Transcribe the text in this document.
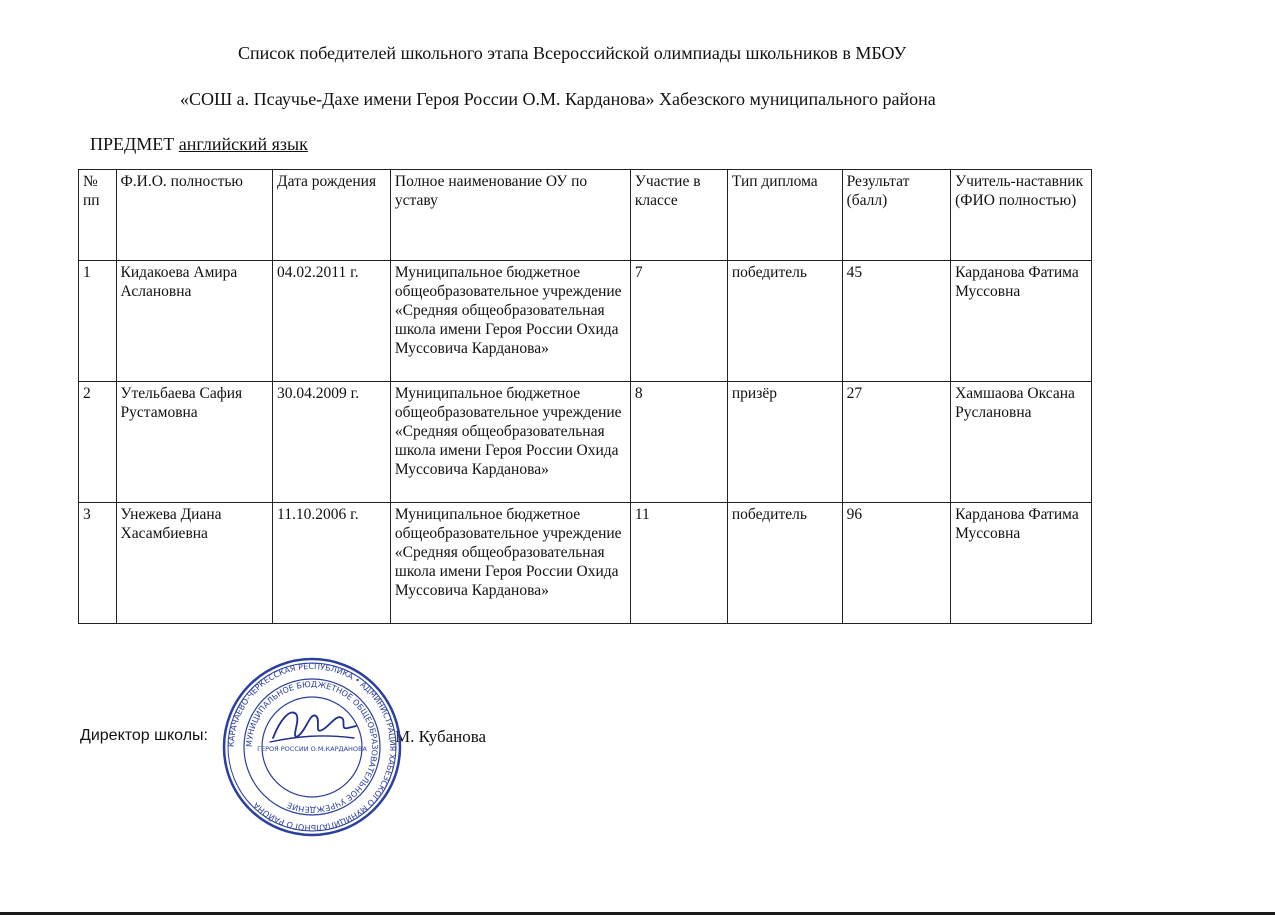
Список победителей школьного этапа Всероссийской олимпиады школьников в МБОУ
«СОШ а. Псаучье-Дахе имени Героя России О.М. Карданова» Хабезского муниципального района
ПРЕДМЕТ английский язык
№ пп	Ф.И.О. полностью	Дата рождения	Полное наименование ОУ по уставу	Участие в классе	Тип диплома	Результат (балл)	Учитель-наставник (ФИО полностью)
1	Кидакоева Амира Аслановна	04.02.2011 г.	Муниципальное бюджетное общеобразовательное учреждение «Средняя общеобразовательная школа имени Героя России Охида Муссовича Карданова»	7	победитель	45	Карданова Фатима Муссовна
2	Утельбаева Сафия Рустамовна	30.04.2009 г.	Муниципальное бюджетное общеобразовательное учреждение «Средняя общеобразовательная школа имени Героя России Охида Муссовича Карданова»	8	призёр	27	Хамшаова Оксана Руслановна
3	Унежева Диана Хасамбиевна	11.10.2006 г.	Муниципальное бюджетное общеобразовательное учреждение «Средняя общеобразовательная школа имени Героя России Охида Муссовича Карданова»	11	победитель	96	Карданова Фатима Муссовна
Директор школы:	М. Кубанова
КАРАЧАЕВО-ЧЕРКЕССКАЯ РЕСПУБЛИКА • АДМИНИСТРАЦИЯ ХАБЕЗСКОГО МУНИЦИПАЛЬНОГО РАЙОНА
МУНИЦИПАЛЬНОЕ БЮДЖЕТНОЕ ОБЩЕОБРАЗОВАТЕЛЬНОЕ УЧРЕЖДЕНИЕ
ГЕРОЯ РОССИИ О.М.КАРДАНОВА
